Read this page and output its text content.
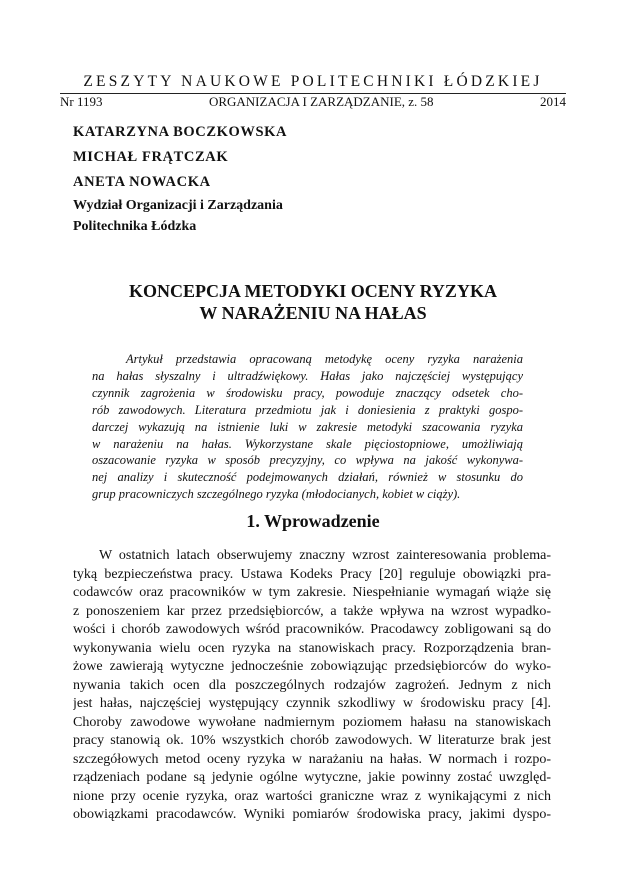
ZESZYTY NAUKOWE POLITECHNIKI ŁÓDZKIEJ
Nr 1193	ORGANIZACJA I ZARZĄDZANIE, z. 58	2014
KATARZYNA BOCZKOWSKA
MICHAŁ FRĄTCZAK
ANETA NOWACKA
Wydział Organizacji i Zarządzania
Politechnika Łódzka
KONCEPCJA METODYKI OCENY RYZYKA
W NARAŻENIU NA HAŁAS
Artykuł przedstawia opracowaną metodykę oceny ryzyka narażenia
na hałas słyszalny i ultradźwiękowy. Hałas jako najczęściej występujący
czynnik zagrożenia w środowisku pracy, powoduje znaczący odsetek cho-
rób zawodowych. Literatura przedmiotu jak i doniesienia z praktyki gospo-
darczej wykazują na istnienie luki w zakresie metodyki szacowania ryzyka
w narażeniu na hałas. Wykorzystane skale pięciostopniowe, umożliwiają
oszacowanie ryzyka w sposób precyzyjny, co wpływa na jakość wykonywa-
nej analizy i skuteczność podejmowanych działań, również w stosunku do
grup pracowniczych szczególnego ryzyka (młodocianych, kobiet w ciąży).
1. Wprowadzenie
W ostatnich latach obserwujemy znaczny wzrost zainteresowania problema-
tyką bezpieczeństwa pracy. Ustawa Kodeks Pracy [20] reguluje obowiązki pra-
codawców oraz pracowników w tym zakresie. Niespełnianie wymagań wiąże się
z ponoszeniem kar przez przedsiębiorców, a także wpływa na wzrost wypadko-
wości i chorób zawodowych wśród pracowników. Pracodawcy zobligowani są do
wykonywania wielu ocen ryzyka na stanowiskach pracy. Rozporządzenia bran-
żowe zawierają wytyczne jednocześnie zobowiązując przedsiębiorców do wyko-
nywania takich ocen dla poszczególnych rodzajów zagrożeń. Jednym z nich
jest hałas, najczęściej występujący czynnik szkodliwy w środowisku pracy [4].
Choroby zawodowe wywołane nadmiernym poziomem hałasu na stanowiskach
pracy stanowią ok. 10% wszystkich chorób zawodowych. W literaturze brak jest
szczegółowych metod oceny ryzyka w narażaniu na hałas. W normach i rozpo-
rządzeniach podane są jedynie ogólne wytyczne, jakie powinny zostać uwzględ-
nione przy ocenie ryzyka, oraz wartości graniczne wraz z wynikającymi z nich
obowiązkami pracodawców. Wyniki pomiarów środowiska pracy, jakimi dyspo-
